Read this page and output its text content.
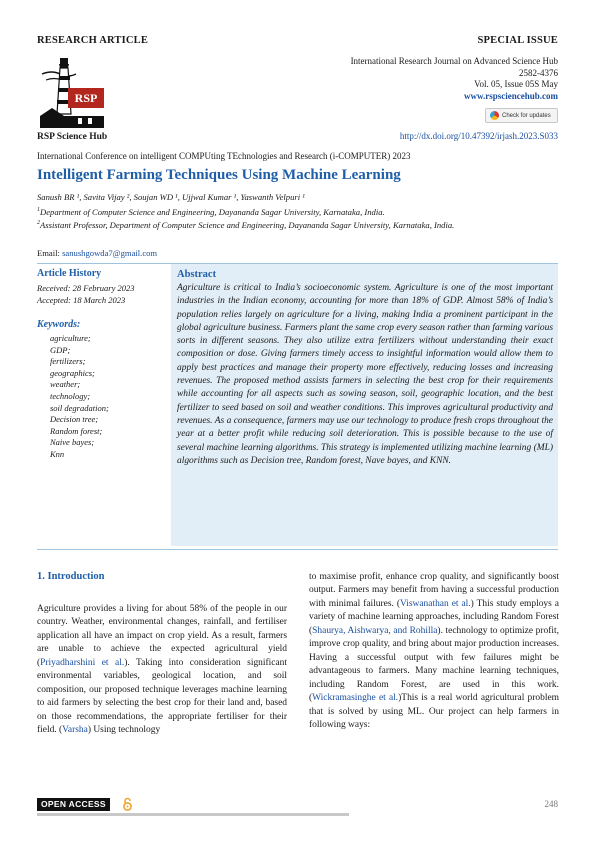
RESEARCH ARTICLE	SPECIAL ISSUE
RSP
RSP Science Hub
International Research Journal on Advanced Science Hub
2582-4376
Vol. 05, Issue 05S May
www.rspsciencehub.com
Check for updates
http://dx.doi.org/10.47392/irjash.2023.S033
International Conference on intelligent COMPUting TEchnologies and Research (i-COMPUTER) 2023
Intelligent Farming Techniques Using Machine Learning
Sanush BR ¹, Savita Vijay ², Soujan WD ¹, Ujjwal Kumar ¹, Yaswanth Velpuri ¹
$^1$Department of Computer Science and Engineering, Dayananda Sagar University, Karnataka, India.
$^2$Assistant Professor, Department of Computer Science and Engineering, Dayananda Sagar University, Karnataka, India.
Email: sanushgowda7@gmail.com
Article History
Received: 28 February 2023
Accepted: 18 March 2023
Keywords:
agriculture;
GDP;
fertilizers;
geographics;
weather;
technology;
soil degradation;
Decision tree;
Random forest;
Naive bayes;
Knn
Abstract
Agriculture is critical to India’s socioeconomic system. Agriculture is one of the most important industries in the Indian economy, accounting for more than 18% of GDP. Almost 58% of India’s population relies largely on agriculture for a living, making India a prominent participant in the global agriculture business. Farmers plant the same crop every season rather than farming various sorts in different seasons. They also utilize extra fertilizers without understanding their exact composition or dose. Giving farmers timely access to insightful information would allow them to apply best practices and manage their property more effectively, reducing losses and increasing revenues. The proposed method assists farmers in selecting the best crop for their requirements while accounting for all aspects such as sowing season, soil, geographic location, and the best fertilizer to seed based on soil and weather conditions. This improves agricultural productivity and revenues. As a consequence, farmers may use our technology to produce fresh crops throughout the year at a better profit while reducing soil deterioration. This is possible because to the use of several machine learning algorithms. This strategy is implemented utilizing machine learning (ML) algorithms such as Decision tree, Random forest, Nave bayes, and KNN.
1. Introduction
Agriculture provides a living for about 58% of the people in our country. Weather, environmental changes, rainfall, and fertiliser application all have an impact on crop yield. As a result, farmers are unable to achieve the expected agricultural yield (Priyadharshini et al.). Taking into consideration significant environmental variables, geological location, and soil composition, our proposed technique leverages machine learning to aid farmers by selecting the best crop for their land and, based on those recommendations, the appropriate fertiliser for their field. (Varsha) Using technology
to maximise profit, enhance crop quality, and significantly boost output. Farmers may benefit from having a successful production with minimal failures. (Viswanathan et al.) This study employs a variety of machine learning approaches, including Random Forest (Shaurya, Aishwarya, and Rohilla). technology to optimize profit, improve crop quality, and bring about major production increases. Having a successful output with few failures might be advantageous to farmers. Many machine learning techniques, including Random Forest, are used in this work. (Wickramasinghe et al.)This is a real world agricultural problem that is solved by using ML. Our project can help farmers in following ways:
OPEN ACCESS	248
